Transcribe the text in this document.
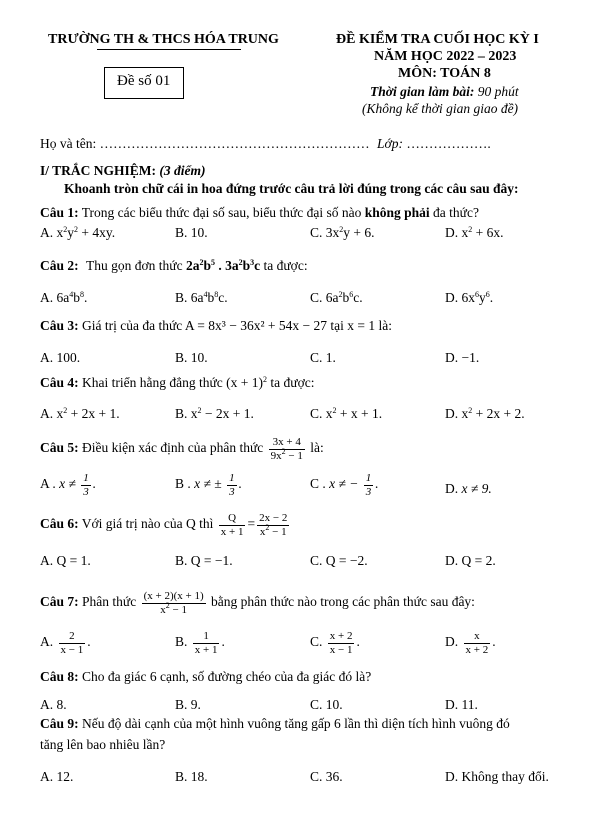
TRƯỜNG TH & THCS HÓA TRUNG
Đề số 01
ĐỀ KIỂM TRA CUỐI HỌC KỲ I
NĂM HỌC 2022 – 2023
MÔN: TOÁN 8
Thời gian làm bài: 90 phút
(Không kể thời gian giao đề)
Họ và tên: …………………………………………………… Lớp: ……………….
I/ TRẮC NGHIỆM: (3 điểm)
Khoanh tròn chữ cái in hoa đứng trước câu trả lời đúng trong các câu sau đây:
Câu 1: Trong các biểu thức đại số sau, biểu thức đại số nào không phải đa thức?
A. $x^2y^2 + 4xy$.	B. 10.	C. $3x^2y + 6$.	D. $x^2 + 6x$.
Câu 2: Thu gọn đơn thức $2a^2b^5$ . $3a^2b^3c$ ta được:
A. $6a^4b^8$.	B. $6a^4b^8c$.	C. $6a^2b^6c$.	D. $6x^6y^6$.
Câu 3: Giá trị của đa thức A = 8x³ − 36x² + 54x − 27 tại x = 1 là:
A. 100.	B. 10.	C. 1.	D. −1.
Câu 4: Khai triển hằng đẳng thức $(x + 1)^2$ ta được:
A. $x^2 + 2x + 1$.	B. $x^2 - 2x + 1$.	C. $x^2 + x + 1$.	D. $x^2 + 2x + 2$.
Câu 5: Điều kiện xác định của phân thức $\frac{3x + 4}{9x^2 - 1}$ là:
A . $x \ne \frac{1}{3}$ .	B . x ≠ ± $\frac{1}{3}$ .	C . x ≠ − $\frac{1}{3}$ .	D. x ≠ 9.
Câu 6: Với giá trị nào của Q thì $\frac{Q}{x + 1} = \frac{2x - 2}{x^2 - 1}$
A. Q = 1.	B. Q = −1.	C. Q = −2.	D. Q = 2.
Câu 7: Phân thức $\frac{(x + 2)(x + 1)}{x^2 - 1}$ bằng phân thức nào trong các phân thức sau đây:
A. $\frac{2}{x - 1}$ .	B. $\frac{1}{x + 1}$ .	C. $\frac{x + 2}{x - 1}$ .	D. $\frac{x}{x + 2}$ .
Câu 8: Cho đa giác 6 cạnh, số đường chéo của đa giác đó là?
A. 8.	B. 9.	C. 10.	D. 11.
Câu 9: Nếu độ dài cạnh của một hình vuông tăng gấp 6 lần thì diện tích hình vuông đó
tăng lên bao nhiêu lần?
A. 12.	B. 18.	C. 36.	D. Không thay đổi.
